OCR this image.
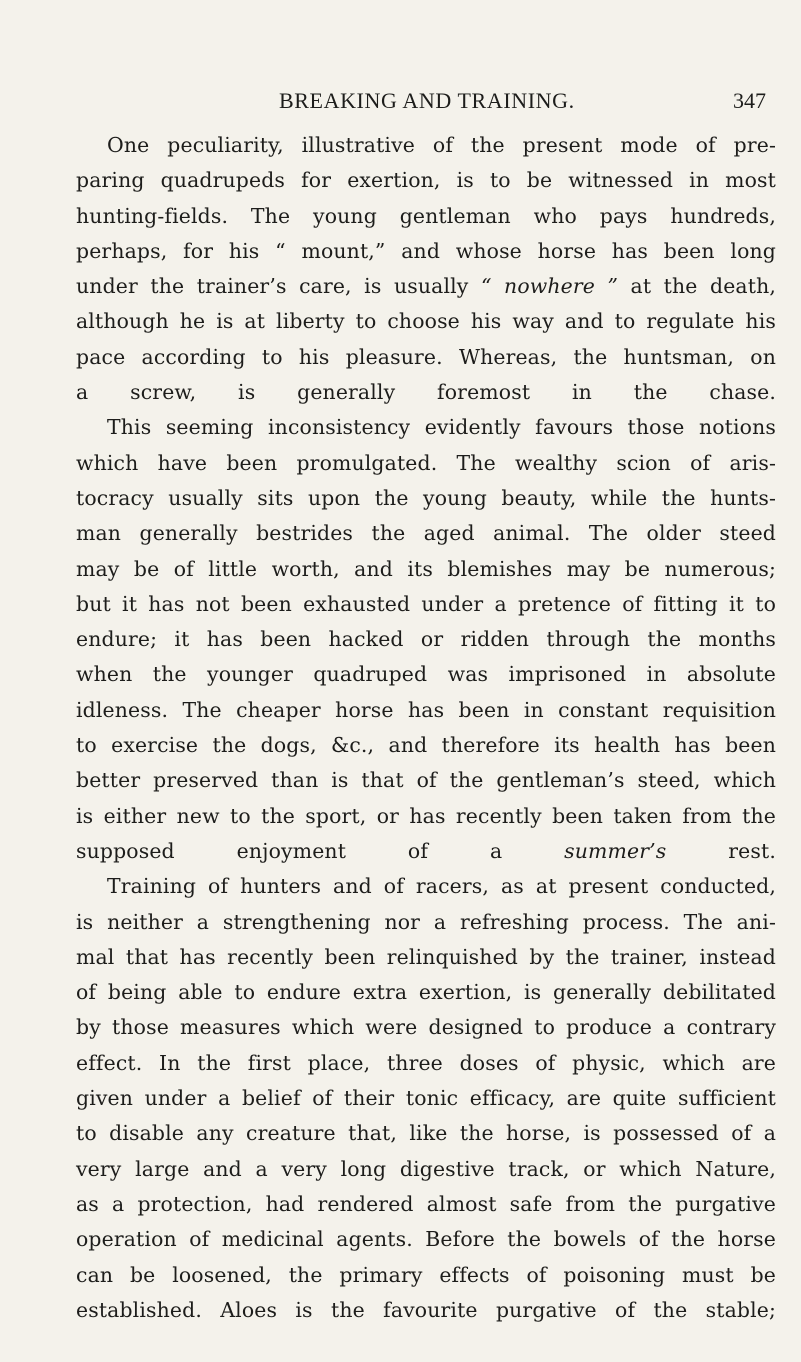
BREAKING AND TRAINING.	347

One peculiarity, illustrative of the present mode of pre-
paring quadrupeds for exertion, is to be witnessed in most
hunting-fields. The young gentleman who pays hundreds,
perhaps, for his “ mount,” and whose horse has been long
under the trainer’s care, is usually “ nowhere ” at the death,
although he is at liberty to choose his way and to regulate his
pace according to his pleasure. Whereas, the huntsman, on
a screw, is generally foremost in the chase.

This seeming inconsistency evidently favours those notions
which have been promulgated. The wealthy scion of aris-
tocracy usually sits upon the young beauty, while the hunts-
man generally bestrides the aged animal. The older steed
may be of little worth, and its blemishes may be numerous;
but it has not been exhausted under a pretence of fitting it to
endure; it has been hacked or ridden through the months
when the younger quadruped was imprisoned in absolute
idleness. The cheaper horse has been in constant requisition
to exercise the dogs, &c., and therefore its health has been
better preserved than is that of the gentleman’s steed, which
is either new to the sport, or has recently been taken from the
supposed enjoyment of a	summer’s	rest.

Training of hunters and of racers, as at present conducted,
is neither a strengthening nor a refreshing process. The ani-
mal that has recently been relinquished by the trainer, instead
of being able to endure extra exertion, is generally debilitated
by those measures which were designed to produce a contrary
effect. In the first place, three doses of physic, which are
given under a belief of their tonic efficacy, are quite sufficient
to disable any creature that, like the horse, is possessed of a
very large and a very long digestive track, or which Nature,
as a protection, had rendered almost safe from the purgative
operation of medicinal agents. Before the bowels of the horse
can be loosened, the primary effects of poisoning must be
established. Aloes is the favourite purgative of the stable;
